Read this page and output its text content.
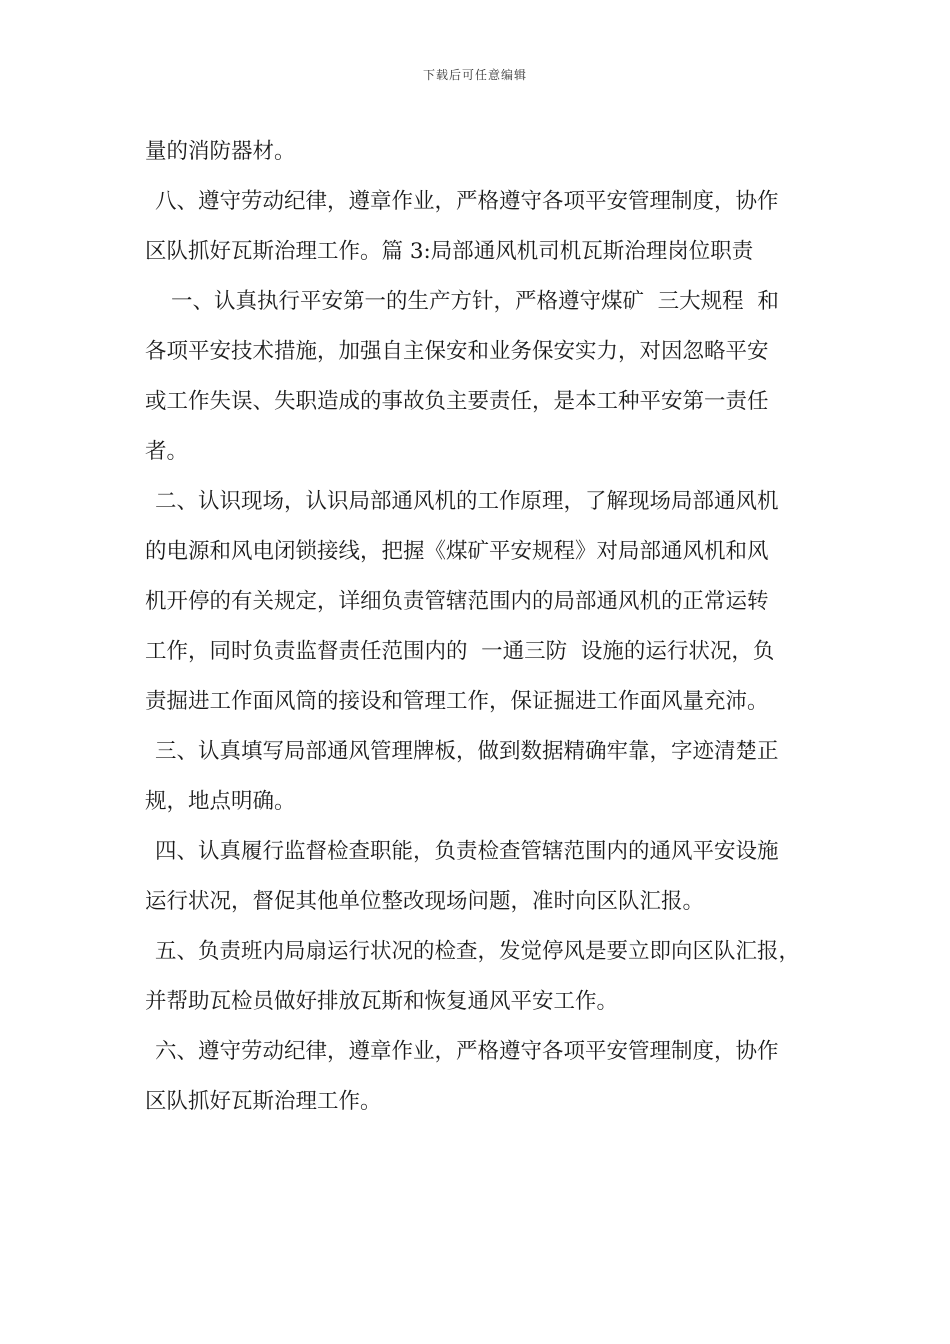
下载后可任意编辑
量的消防器材。
八、遵守劳动纪律，遵章作业，严格遵守各项平安管理制度，协作
区队抓好瓦斯治理工作。篇 3:局部通风机司机瓦斯治理岗位职责
一、认真执行平安第一的生产方针，严格遵守煤矿  三大规程  和
各项平安技术措施，加强自主保安和业务保安实力，对因忽略平安
或工作失误、失职造成的事故负主要责任，是本工种平安第一责任
者。
二、认识现场，认识局部通风机的工作原理，了解现场局部通风机
的电源和风电闭锁接线，把握《煤矿平安规程》对局部通风机和风
机开停的有关规定，详细负责管辖范围内的局部通风机的正常运转
工作，同时负责监督责任范围内的  一通三防  设施的运行状况，负
责掘进工作面风筒的接设和管理工作，保证掘进工作面风量充沛。
三、认真填写局部通风管理牌板，做到数据精确牢靠，字迹清楚正
规，地点明确。
四、认真履行监督检查职能，负责检查管辖范围内的通风平安设施
运行状况，督促其他单位整改现场问题，准时向区队汇报。
五、负责班内局扇运行状况的检查，发觉停风是要立即向区队汇报，
并帮助瓦检员做好排放瓦斯和恢复通风平安工作。
六、遵守劳动纪律，遵章作业，严格遵守各项平安管理制度，协作
区队抓好瓦斯治理工作。
